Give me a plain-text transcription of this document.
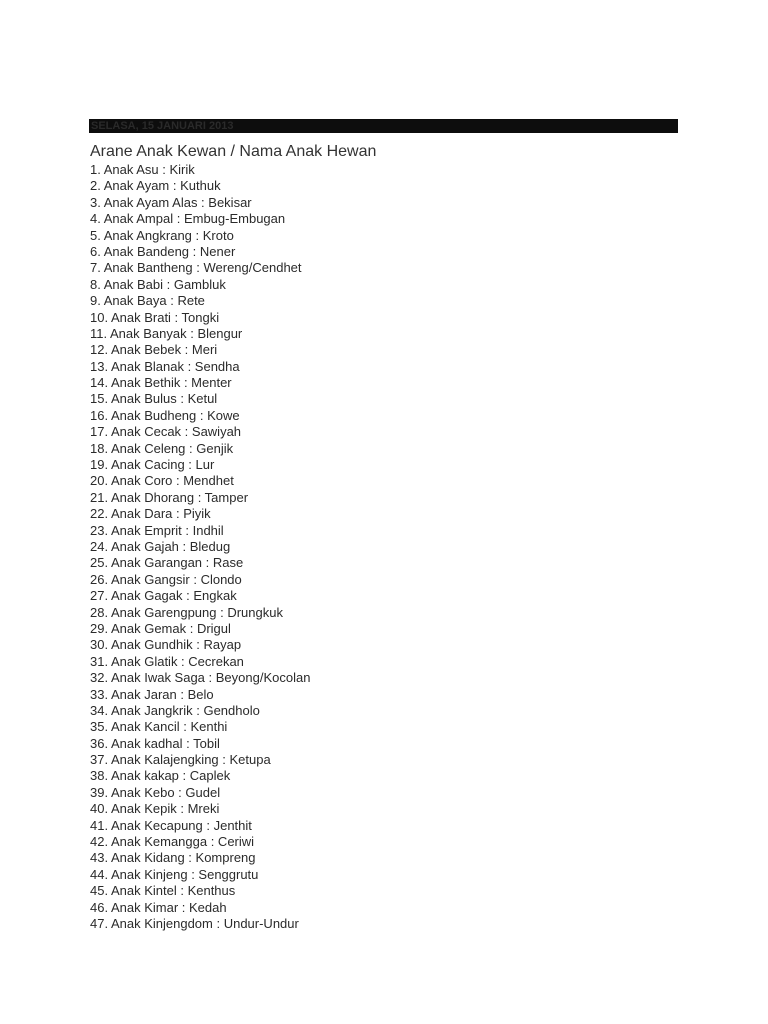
SELASA, 15 JANUARI 2013
Arane Anak Kewan / Nama Anak Hewan
1. Anak Asu : Kirik
2. Anak Ayam : Kuthuk
3. Anak Ayam Alas : Bekisar
4. Anak Ampal : Embug-Embugan
5. Anak Angkrang : Kroto
6. Anak Bandeng : Nener
7. Anak Bantheng : Wereng/Cendhet
8. Anak Babi : Gambluk
9. Anak Baya : Rete
10. Anak Brati : Tongki
11. Anak Banyak : Blengur
12. Anak Bebek : Meri
13. Anak Blanak : Sendha
14. Anak Bethik : Menter
15. Anak Bulus : Ketul
16. Anak Budheng : Kowe
17. Anak Cecak : Sawiyah
18. Anak Celeng : Genjik
19. Anak Cacing : Lur
20. Anak Coro : Mendhet
21. Anak Dhorang : Tamper
22. Anak Dara : Piyik
23. Anak Emprit : Indhil
24. Anak Gajah : Bledug
25. Anak Garangan : Rase
26. Anak Gangsir : Clondo
27. Anak Gagak : Engkak
28. Anak Garengpung : Drungkuk
29. Anak Gemak : Drigul
30. Anak Gundhik : Rayap
31. Anak Glatik : Cecrekan
32. Anak Iwak Saga : Beyong/Kocolan
33. Anak Jaran : Belo
34. Anak Jangkrik : Gendholo
35. Anak Kancil : Kenthi
36. Anak kadhal : Tobil
37. Anak Kalajengking : Ketupa
38. Anak kakap : Caplek
39. Anak Kebo : Gudel
40. Anak Kepik : Mreki
41. Anak Kecapung : Jenthit
42. Anak Kemangga : Ceriwi
43. Anak Kidang : Kompreng
44. Anak Kinjeng : Senggrutu
45. Anak Kintel : Kenthus
46. Anak Kimar : Kedah
47. Anak Kinjengdom : Undur-Undur
